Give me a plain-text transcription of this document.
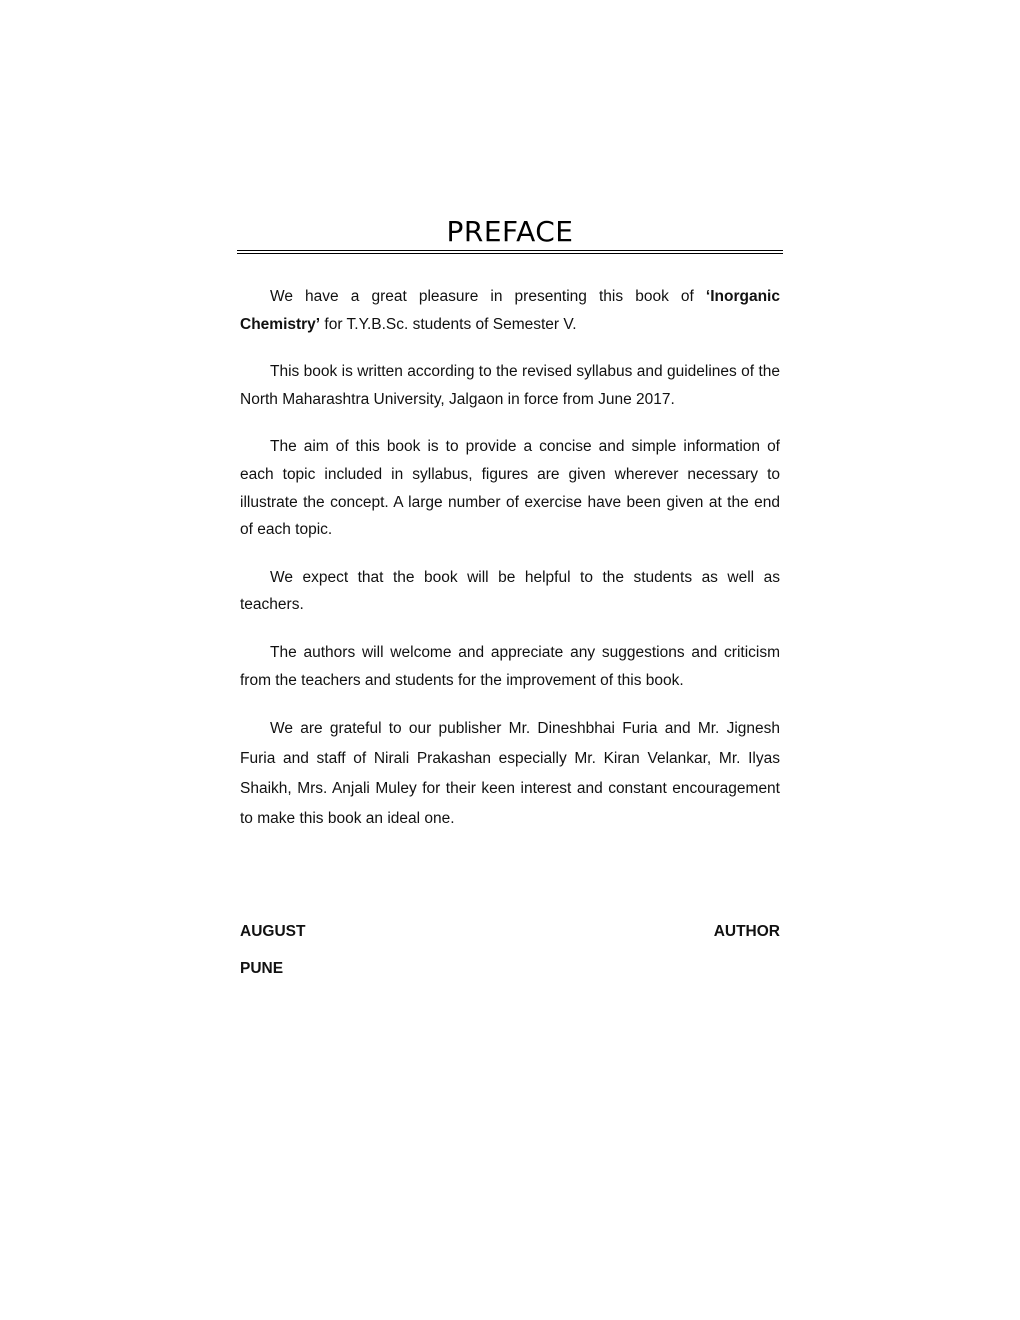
PREFACE

We have a great pleasure in presenting this book of ‘Inorganic Chemistry’ for T.Y.B.Sc. students of Semester V.

This book is written according to the revised syllabus and guidelines of the North Maharashtra University, Jalgaon in force from June 2017.

The aim of this book is to provide a concise and simple information of each topic included in syllabus, figures are given wherever necessary to illustrate the concept. A large number of exercise have been given at the end of each topic.

We expect that the book will be helpful to the students as well as teachers.

The authors will welcome and appreciate any suggestions and criticism from the teachers and students for the improvement of this book.

We are grateful to our publisher Mr. Dineshbhai Furia and Mr. Jignesh Furia and staff of Nirali Prakashan especially Mr. Kiran Velankar, Mr. Ilyas Shaikh, Mrs. Anjali Muley for their keen interest and constant encouragement to make this book an ideal one.

AUGUST	AUTHOR
PUNE
